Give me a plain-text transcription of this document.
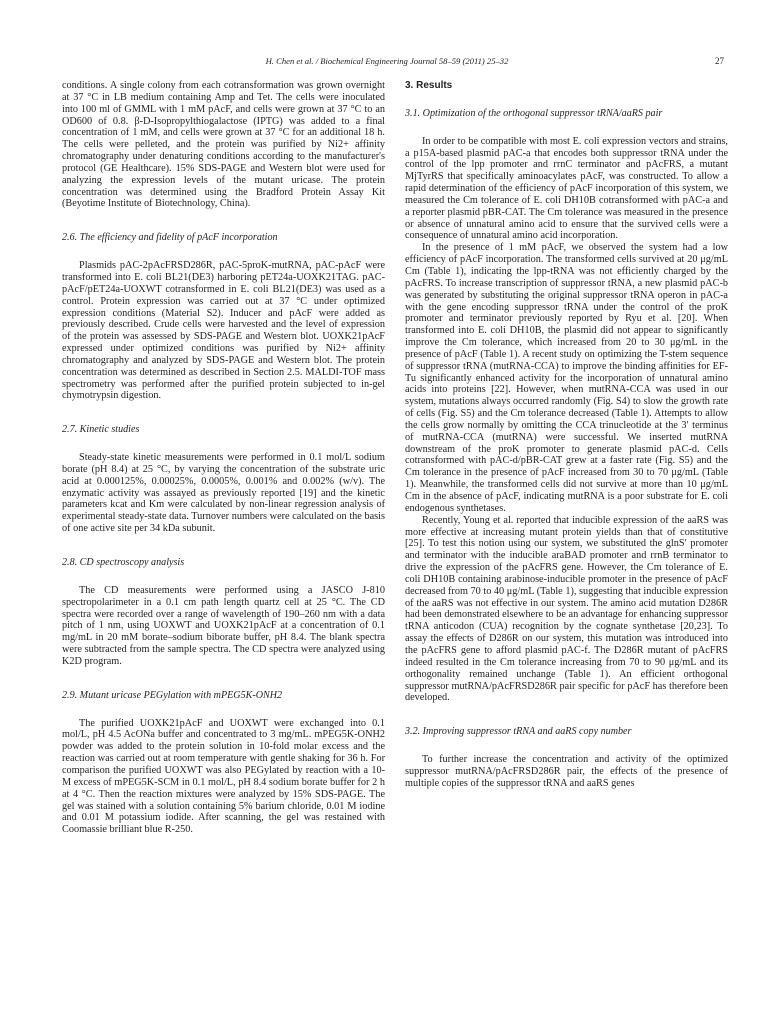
H. Chen et al. / Biochemical Engineering Journal 58–59 (2011) 25–32	27

conditions. A single colony from each cotransformation was grown overnight at 37 °C in LB medium containing Amp and Tet. The cells were inoculated into 100 ml of GMML with 1 mM pAcF, and cells were grown at 37 °C to an OD600 of 0.8. β-D-Isopropylthiogalactose (IPTG) was added to a final concentration of 1 mM, and cells were grown at 37 °C for an additional 18 h. The cells were pelleted, and the protein was purified by Ni2+ affinity chromatography under denaturing conditions according to the manufacturer's protocol (GE Healthcare). 15% SDS-PAGE and Western blot were used for analyzing the expression levels of the mutant uricase. The protein concentration was determined using the Bradford Protein Assay Kit (Beyotime Institute of Biotechnology, China).

2.6. The efficiency and fidelity of pAcF incorporation

Plasmids pAC-2pAcFRSD286R, pAC-5proK-mutRNA, pAC-pAcF were transformed into E. coli BL21(DE3) harboring pET24a-UOXK21TAG. pAC-pAcF/pET24a-UOXWT cotransformed in E. coli BL21(DE3) was used as a control. Protein expression was carried out at 37 °C under optimized expression conditions (Material S2). Inducer and pAcF were added as previously described. Crude cells were harvested and the level of expression of the protein was assessed by SDS-PAGE and Western blot. UOXK21pAcF expressed under optimized conditions was purified by Ni2+ affinity chromatography and analyzed by SDS-PAGE and Western blot. The protein concentration was determined as described in Section 2.5. MALDI-TOF mass spectrometry was performed after the purified protein subjected to in-gel chymotrypsin digestion.

2.7. Kinetic studies

Steady-state kinetic measurements were performed in 0.1 mol/L sodium borate (pH 8.4) at 25 °C, by varying the concentration of the substrate uric acid at 0.000125%, 0.00025%, 0.0005%, 0.001% and 0.002% (w/v). The enzymatic activity was assayed as previously reported [19] and the kinetic parameters kcat and Km were calculated by non-linear regression analysis of experimental steady-state data. Turnover numbers were calculated on the basis of one active site per 34 kDa subunit.

2.8. CD spectroscopy analysis

The CD measurements were performed using a JASCO J-810 spectropolarimeter in a 0.1 cm path length quartz cell at 25 °C. The CD spectra were recorded over a range of wavelength of 190–260 nm with a data pitch of 1 nm, using UOXWT and UOXK21pAcF at a concentration of 0.1 mg/mL in 20 mM borate–sodium biborate buffer, pH 8.4. The blank spectra were subtracted from the sample spectra. The CD spectra were analyzed using K2D program.

2.9. Mutant uricase PEGylation with mPEG5K-ONH2

The purified UOXK21pAcF and UOXWT were exchanged into 0.1 mol/L, pH 4.5 AcONa buffer and concentrated to 3 mg/mL. mPEG5K-ONH2 powder was added to the protein solution in 10-fold molar excess and the reaction was carried out at room temperature with gentle shaking for 36 h. For comparison the purified UOXWT was also PEGylated by reaction with a 10-M excess of mPEG5K-SCM in 0.1 mol/L, pH 8.4 sodium borate buffer for 2 h at 4 °C. Then the reaction mixtures were analyzed by 15% SDS-PAGE. The gel was stained with a solution containing 5% barium chloride, 0.01 M iodine and 0.01 M potassium iodide. After scanning, the gel was restained with Coomassie brilliant blue R-250.

3. Results
3.1. Optimization of the orthogonal suppressor tRNA/aaRS pair

In order to be compatible with most E. coli expression vectors and strains, a p15A-based plasmid pAC-a that encodes both suppressor tRNA under the control of the lpp promoter and rrnC terminator and pAcFRS, a mutant MjTyrRS that specifically aminoacylates pAcF, was constructed. To allow a rapid determination of the efficiency of pAcF incorporation of this system, we measured the Cm tolerance of E. coli DH10B cotransformed with pAC-a and a reporter plasmid pBR-CAT. The Cm tolerance was measured in the presence or absence of unnatural amino acid to ensure that the survived cells were a consequence of unnatural amino acid incorporation.

In the presence of 1 mM pAcF, we observed the system had a low efficiency of pAcF incorporation. The transformed cells survived at 20 μg/mL Cm (Table 1), indicating the lpp-tRNA was not efficiently charged by the pAcFRS. To increase transcription of suppressor tRNA, a new plasmid pAC-b was generated by substituting the original suppressor tRNA operon in pAC-a with the gene encoding suppressor tRNA under the control of the proK promoter and terminator previously reported by Ryu et al. [20]. When transformed into E. coli DH10B, the plasmid did not appear to significantly improve the Cm tolerance, which increased from 20 to 30 μg/mL in the presence of pAcF (Table 1). A recent study on optimizing the T-stem sequence of suppressor tRNA (mutRNA-CCA) to improve the binding affinities for EF-Tu significantly enhanced activity for the incorporation of unnatural amino acids into proteins [22]. However, when mutRNA-CCA was used in our system, mutations always occurred randomly (Fig. S4) to slow the growth rate of cells (Fig. S5) and the Cm tolerance decreased (Table 1). Attempts to allow the cells grow normally by omitting the CCA trinucleotide at the 3′ terminus of mutRNA-CCA (mutRNA) were successful. We inserted mutRNA downstream of the proK promoter to generate plasmid pAC-d. Cells cotransformed with pAC-d/pBR-CAT grew at a faster rate (Fig. S5) and the Cm tolerance in the presence of pAcF increased from 30 to 70 μg/mL (Table 1). Meanwhile, the transformed cells did not survive at more than 10 μg/mL Cm in the absence of pAcF, indicating mutRNA is a poor substrate for E. coli endogenous synthetases.

Recently, Young et al. reported that inducible expression of the aaRS was more effective at increasing mutant protein yields than that of constitutive [25]. To test this notion using our system, we substituted the glnS′ promoter and terminator with the inducible araBAD promoter and rrnB terminator to drive the expression of the pAcFRS gene. However, the Cm tolerance of E. coli DH10B containing arabinose-inducible promoter in the presence of pAcF decreased from 70 to 40 μg/mL (Table 1), suggesting that inducible expression of the aaRS was not effective in our system. The amino acid mutation D286R had been demonstrated elsewhere to be an advantage for enhancing suppressor tRNA anticodon (CUA) recognition by the cognate synthetase [20,23]. To assay the effects of D286R on our system, this mutation was introduced into the pAcFRS gene to afford plasmid pAC-f. The D286R mutant of pAcFRS indeed resulted in the Cm tolerance increasing from 70 to 90 μg/mL and its orthogonality remained unchange (Table 1). An efficient orthogonal suppressor mutRNA/pAcFRSD286R pair specific for pAcF has therefore been developed.

3.2. Improving suppressor tRNA and aaRS copy number

To further increase the concentration and activity of the optimized suppressor mutRNA/pAcFRSD286R pair, the effects of the presence of multiple copies of the suppressor tRNA and aaRS genes
